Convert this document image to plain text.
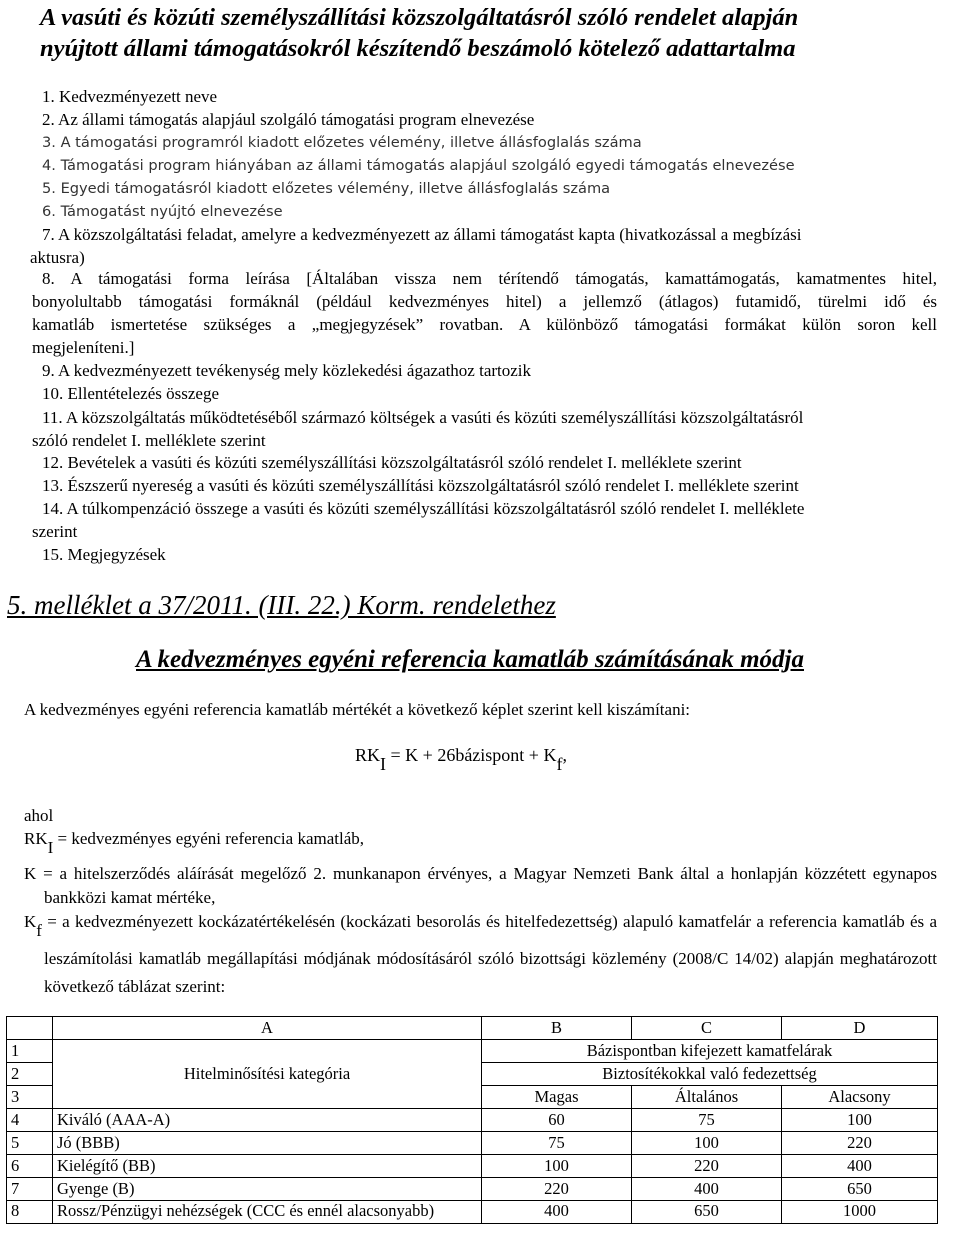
A vasúti és közúti személyszállítási közszolgáltatásról szóló rendelet alapján
nyújtott állami támogatásokról készítendő beszámoló kötelező adattartalma
1. Kedvezményezett neve
2. Az állami támogatás alapjául szolgáló támogatási program elnevezése
3. A támogatási programról kiadott előzetes vélemény, illetve állásfoglalás száma
4. Támogatási program hiányában az állami támogatás alapjául szolgáló egyedi támogatás elnevezése
5. Egyedi támogatásról kiadott előzetes vélemény, illetve állásfoglalás száma
6. Támogatást nyújtó elnevezése
7. A közszolgáltatási feladat, amelyre a kedvezményezett az állami támogatást kapta (hivatkozással a megbízási
aktusra)
8. A támogatási forma leírása [Általában vissza nem térítendő támogatás, kamattámogatás, kamatmentes hitel,
bonyolultabb támogatási formáknál (például kedvezményes hitel) a jellemző (átlagos) futamidő, türelmi idő és
kamatláb ismertetése szükséges a „megjegyzések” rovatban. A különböző támogatási formákat külön soron kell
megjeleníteni.]
9. A kedvezményezett tevékenység mely közlekedési ágazathoz tartozik
10. Ellentételezés összege
11. A közszolgáltatás működtetéséből származó költségek a vasúti és közúti személyszállítási közszolgáltatásról
szóló rendelet I. melléklete szerint
12. Bevételek a vasúti és közúti személyszállítási közszolgáltatásról szóló rendelet I. melléklete szerint
13. Észszerű nyereség a vasúti és közúti személyszállítási közszolgáltatásról szóló rendelet I. melléklete szerint
14. A túlkompenzáció összege a vasúti és közúti személyszállítási közszolgáltatásról szóló rendelet I. melléklete
szerint
15. Megjegyzések
5. melléklet a 37/2011. (III. 22.) Korm. rendelethez
A kedvezményes egyéni referencia kamatláb számításának módja
A kedvezményes egyéni referencia kamatláb mértékét a következő képlet szerint kell kiszámítani:
$RK_I = K$ + 26bázispont + $K_f$,
ahol
RKI = kedvezményes egyéni referencia kamatláb,
K = a hitelszerződés aláírását megelőző 2. munkanapon érvényes, a Magyar Nemzeti Bank által a honlapján közzétett egynapos bankközi kamat mértéke,
Kf = a kedvezményezett kockázatértékelésén (kockázati besorolás és hitelfedezettség) alapuló kamatfelár a referencia kamatláb és a leszámítolási kamatláb megállapítási módjának módosításáról szóló bizottsági közlemény (2008/C 14/02) alapján meghatározott következő táblázat szerint:
	A	B	C	D
1	Hitelminősítési kategória	Bázispontban kifejezett kamatfelárak		
2		Biztosítékokkal való fedezettség		
3		Magas	Általános	Alacsony
4	Kiváló (AAA-A)	60	75	100
5	Jó (BBB)	75	100	220
6	Kielégítő (BB)	100	220	400
7	Gyenge (B)	220	400	650
8	Rossz/Pénzügyi nehézségek (CCC és ennél alacsonyabb)	400	650	1000
